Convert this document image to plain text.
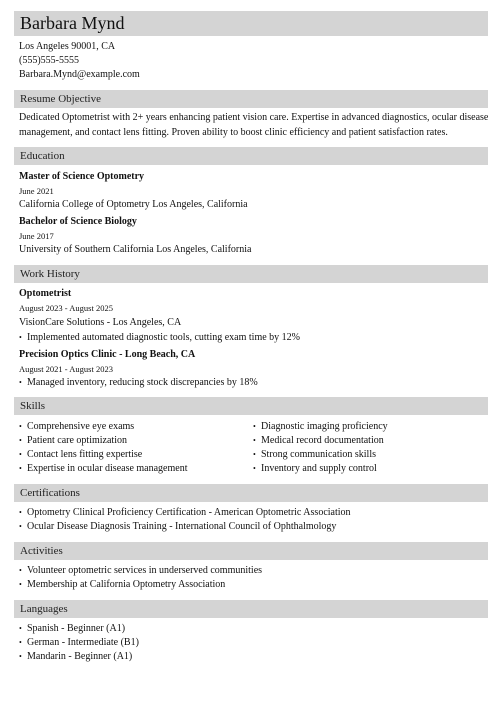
Barbara Mynd
Los Angeles 90001, CA
(555)555-5555
Barbara.Mynd@example.com
Resume Objective
Dedicated Optometrist with 2+ years enhancing patient vision care. Expertise in advanced diagnostics, ocular disease
management, and contact lens fitting. Proven ability to boost clinic efficiency and patient satisfaction rates.
Education
Master of Science Optometry
June 2021
California College of Optometry Los Angeles, California
Bachelor of Science Biology
June 2017
University of Southern California Los Angeles, California
Work History
Optometrist
August 2023 - August 2025
VisionCare Solutions - Los Angeles, CA
• Implemented automated diagnostic tools, cutting exam time by 12%
Precision Optics Clinic - Long Beach, CA
August 2021 - August 2023
• Managed inventory, reducing stock discrepancies by 18%
Skills
• Comprehensive eye exams
• Patient care optimization
• Contact lens fitting expertise
• Expertise in ocular disease management
• Diagnostic imaging proficiency
• Medical record documentation
• Strong communication skills
• Inventory and supply control
Certifications
• Optometry Clinical Proficiency Certification - American Optometric Association
• Ocular Disease Diagnosis Training - International Council of Ophthalmology
Activities
• Volunteer optometric services in underserved communities
• Membership at California Optometry Association
Languages
• Spanish - Beginner (A1)
• German - Intermediate (B1)
• Mandarin - Beginner (A1)
